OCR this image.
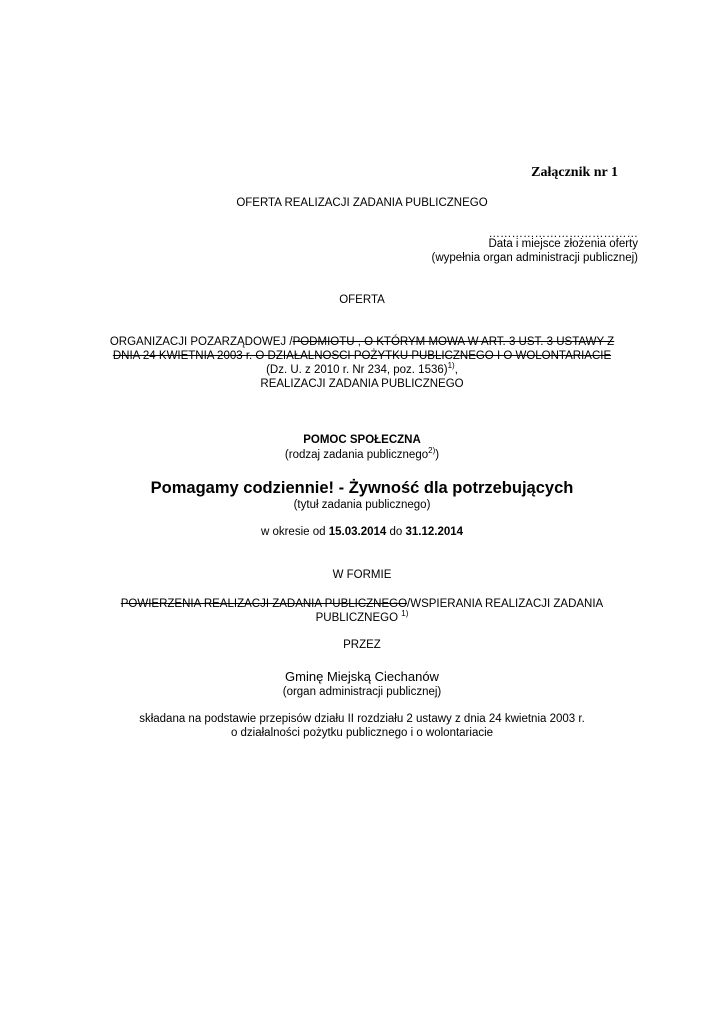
Załącznik nr 1
OFERTA REALIZACJI ZADANIA PUBLICZNEGO
…………………………………
Data i miejsce złożenia oferty
(wypełnia organ administracji publicznej)
OFERTA
ORGANIZACJI POZARZĄDOWEJ /PODMIOTU , O KTÓRYM MOWA W ART. 3 UST. 3 USTAWY Z
DNIA 24 KWIETNIA 2003 r. O DZIAŁALNOSCI POŻYTKU PUBLICZNEGO I O WOLONTARIACIE
(Dz. U. z 2010 r. Nr 234, poz. 1536)$^{1)}$,
REALIZACJI ZADANIA PUBLICZNEGO
POMOC SPOŁECZNA
(rodzaj zadania publicznego$^{2)}$)
Pomagamy codziennie! - Żywność dla potrzebujących
(tytuł zadania publicznego)
w okresie od 15.03.2014 do 31.12.2014
W FORMIE
POWIERZENIA REALIZACJI ZADANIA PUBLICZNEGO/WSPIERANIA REALIZACJI ZADANIA
PUBLICZNEGO $^{1)}$
PRZEZ
Gminę Miejską Ciechanów
(organ administracji publicznej)
składana na podstawie przepisów działu II rozdziału 2 ustawy z dnia 24 kwietnia 2003 r.
o działalności pożytku publicznego i o wolontariacie
